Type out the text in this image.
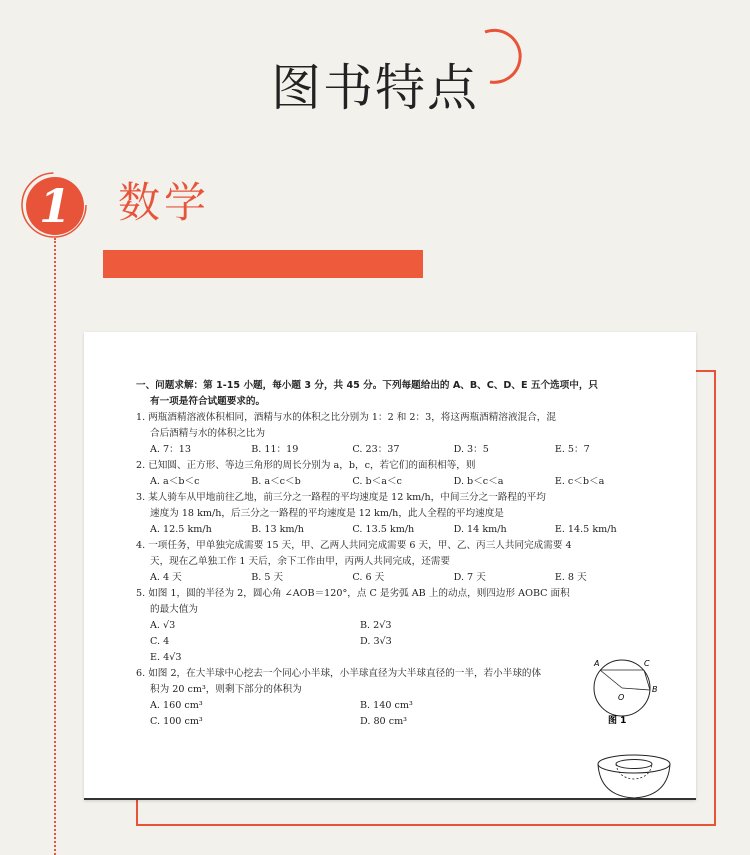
图书特点
1	数学

一、问题求解：第 1-15 小题，每小题 3 分，共 45 分。下列每题给出的 A、B、C、D、E 五个选项中，只

有一项是符合试题要求的。

1. 两瓶酒精溶液体积相同，酒精与水的体积之比分别为 1：2 和 2：3，将这两瓶酒精溶液混合，混

合后酒精与水的体积之比为

A. 7：13	B. 11：19	C. 23：37	D. 3：5	E. 5：7

2. 已知圆、正方形、等边三角形的周长分别为 a，b，c，若它们的面积相等，则

A. a＜b＜c	B. a＜c＜b	C. b＜a＜c	D. b＜c＜a	E. c＜b＜a

3. 某人骑车从甲地前往乙地，前三分之一路程的平均速度是 12 km/h，中间三分之一路程的平均

速度为 18 km/h，后三分之一路程的平均速度是 12 km/h，此人全程的平均速度是

A. 12.5 km/h	B. 13 km/h	C. 13.5 km/h	D. 14 km/h	E. 14.5 km/h

4. 一项任务，甲单独完成需要 15 天，甲、乙两人共同完成需要 6 天，甲、乙、丙三人共同完成需要 4

天，现在乙单独工作 1 天后，余下工作由甲，丙两人共同完成，还需要

A. 4 天	B. 5 天	C. 6 天	D. 7 天	E. 8 天

5. 如图 1，圆的半径为 2，圆心角 ∠AOB＝120°，点 C 是劣弧 AB 上的动点，则四边形 AOBC 面积

的最大值为

A. √3	B. 2√3
C. 4	D. 3√3
E. 4√3

6. 如图 2，在大半球中心挖去一个同心小半球，小半球直径为大半球直径的一半，若小半球的体

积为 20 cm³，则剩下部分的体积为

A. 160 cm³	B. 140 cm³
C. 100 cm³	D. 80 cm³
A	C
O
B
图 1
